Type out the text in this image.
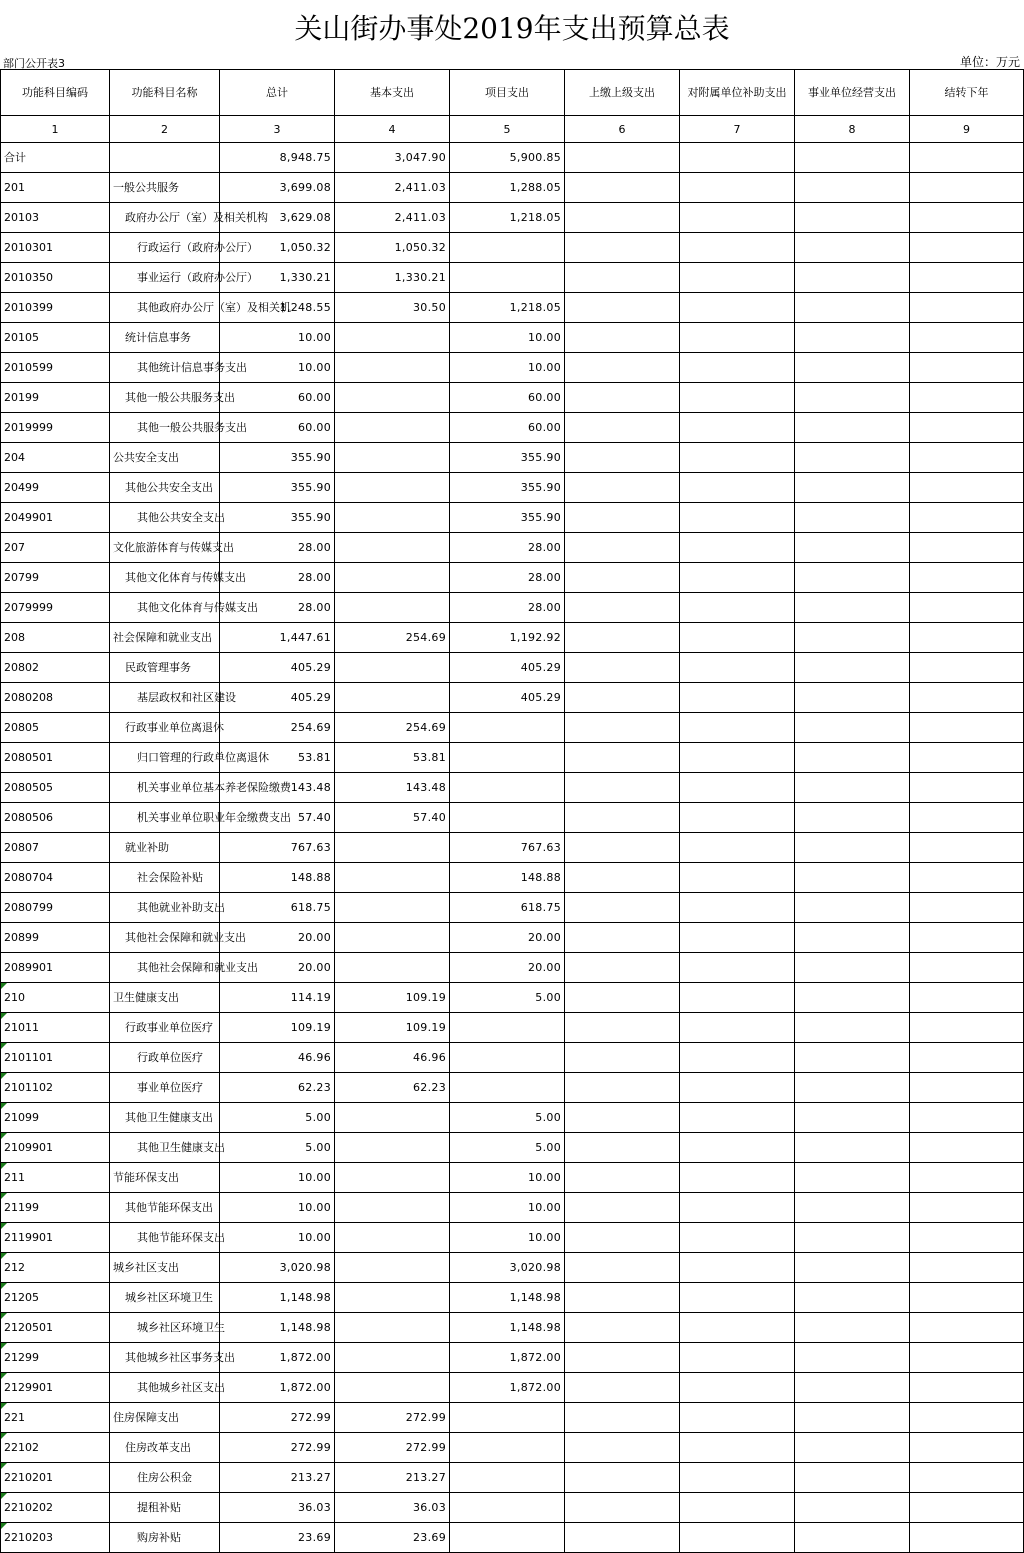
关山街办事处2019年支出预算总表
部门公开表3	单位：万元
功能科目编码	功能科目名称	总计	基本支出	项目支出	上缴上级支出	对附属单位补助支出	事业单位经营支出	结转下年
1	2	3	4	5	6	7	8	9
合计		8,948.75	3,047.90	5,900.85				
201	一般公共服务	3,699.08	2,411.03	1,288.05				
20103	政府办公厅（室）及相关机构	3,629.08	2,411.03	1,218.05				
2010301	行政运行（政府办公厅）	1,050.32	1,050.32					
2010350	事业运行（政府办公厅）	1,330.21	1,330.21					
2010399	其他政府办公厅（室）及相关机	1,248.55	30.50	1,218.05				
20105	统计信息事务	10.00		10.00				
2010599	其他统计信息事务支出	10.00		10.00				
20199	其他一般公共服务支出	60.00		60.00				
2019999	其他一般公共服务支出	60.00		60.00				
204	公共安全支出	355.90		355.90				
20499	其他公共安全支出	355.90		355.90				
2049901	其他公共安全支出	355.90		355.90				
207	文化旅游体育与传媒支出	28.00		28.00				
20799	其他文化体育与传媒支出	28.00		28.00				
2079999	其他文化体育与传媒支出	28.00		28.00				
208	社会保障和就业支出	1,447.61	254.69	1,192.92				
20802	民政管理事务	405.29		405.29				
2080208	基层政权和社区建设	405.29		405.29				
20805	行政事业单位离退休	254.69	254.69					
2080501	归口管理的行政单位离退休	53.81	53.81					
2080505	机关事业单位基本养老保险缴费	143.48	143.48					
2080506	机关事业单位职业年金缴费支出	57.40	57.40					
20807	就业补助	767.63		767.63				
2080704	社会保险补贴	148.88		148.88				
2080799	其他就业补助支出	618.75		618.75				
20899	其他社会保障和就业支出	20.00		20.00				
2089901	其他社会保障和就业支出	20.00		20.00				

210	卫生健康支出	114.19	109.19	5.00				

21011	行政事业单位医疗	109.19	109.19					

2101101	行政单位医疗	46.96	46.96					

2101102	事业单位医疗	62.23	62.23					

21099	其他卫生健康支出	5.00		5.00				

2109901	其他卫生健康支出	5.00		5.00				

211	节能环保支出	10.00		10.00				

21199	其他节能环保支出	10.00		10.00				

2119901	其他节能环保支出	10.00		10.00				

212	城乡社区支出	3,020.98		3,020.98				

21205	城乡社区环境卫生	1,148.98		1,148.98				

2120501	城乡社区环境卫生	1,148.98		1,148.98				

21299	其他城乡社区事务支出	1,872.00		1,872.00				

2129901	其他城乡社区支出	1,872.00		1,872.00				

221	住房保障支出	272.99	272.99					

22102	住房改革支出	272.99	272.99					

2210201	住房公积金	213.27	213.27					

2210202	提租补贴	36.03	36.03					

2210203	购房补贴	23.69	23.69					
